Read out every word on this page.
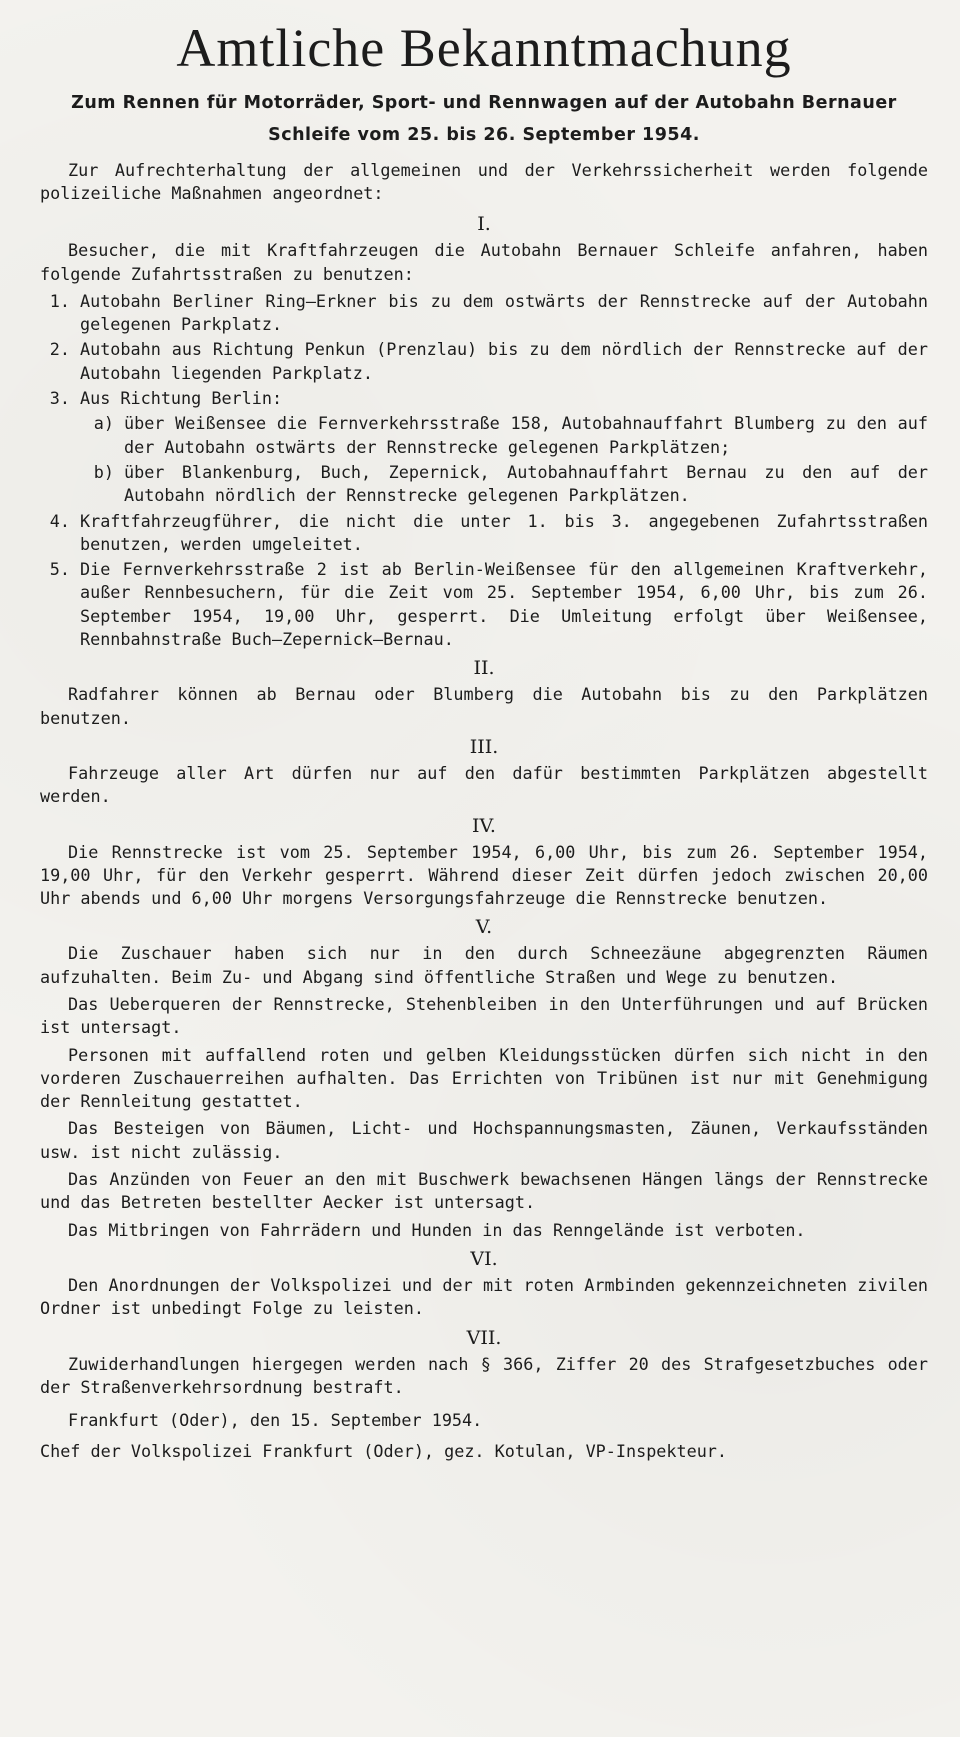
Amtliche Bekanntmachung
Zum Rennen für Motorräder, Sport- und Rennwagen auf der Autobahn Bernauer Schleife vom 25. bis 26. September 1954.

Zur Aufrechterhaltung der allgemeinen und der Verkehrssicherheit werden folgende polizeiliche Maßnahmen angeordnet:

I.

Besucher, die mit Kraftfahrzeugen die Autobahn Bernauer Schleife anfahren, haben folgende Zufahrtsstraßen zu benutzen:

1. Autobahn Berliner Ring—Erkner bis zu dem ostwärts der Rennstrecke auf der Autobahn gelegenen Parkplatz.
2. Autobahn aus Richtung Penkun (Prenzlau) bis zu dem nördlich der Rennstrecke auf der Autobahn liegenden Parkplatz.
3. Aus Richtung Berlin:
a) über Weißensee die Fernverkehrsstraße 158, Autobahnauffahrt Blumberg zu den auf der Autobahn ostwärts der Rennstrecke gelegenen Parkplätzen;
b) über Blankenburg, Buch, Zepernick, Autobahnauffahrt Bernau zu den auf der Autobahn nördlich der Rennstrecke gelegenen Parkplätzen.
4. Kraftfahrzeugführer, die nicht die unter 1. bis 3. angegebenen Zufahrtsstraßen benutzen, werden umgeleitet.
5. Die Fernverkehrsstraße 2 ist ab Berlin-Weißensee für den allgemeinen Kraftverkehr, außer Rennbesuchern, für die Zeit vom 25. September 1954, 6,00 Uhr, bis zum 26. September 1954, 19,00 Uhr, gesperrt. Die Umleitung erfolgt über Weißensee, Rennbahnstraße Buch—Zepernick—Bernau.
II.

Radfahrer können ab Bernau oder Blumberg die Autobahn bis zu den Parkplätzen benutzen.

III.

Fahrzeuge aller Art dürfen nur auf den dafür bestimmten Parkplätzen abgestellt werden.

IV.

Die Rennstrecke ist vom 25. September 1954, 6,00 Uhr, bis zum 26. September 1954, 19,00 Uhr, für den Verkehr gesperrt. Während dieser Zeit dürfen jedoch zwischen 20,00 Uhr abends und 6,00 Uhr morgens Versorgungsfahrzeuge die Rennstrecke benutzen.

V.

Die Zuschauer haben sich nur in den durch Schneezäune abgegrenzten Räumen aufzuhalten. Beim Zu- und Abgang sind öffentliche Straßen und Wege zu benutzen.

Das Ueberqueren der Rennstrecke, Stehenbleiben in den Unterführungen und auf Brücken ist untersagt.

Personen mit auffallend roten und gelben Kleidungsstücken dürfen sich nicht in den vorderen Zuschauerreihen aufhalten. Das Errichten von Tribünen ist nur mit Genehmigung der Rennleitung gestattet.

Das Besteigen von Bäumen, Licht- und Hochspannungsmasten, Zäunen, Verkaufsständen usw. ist nicht zulässig.

Das Anzünden von Feuer an den mit Buschwerk bewachsenen Hängen längs der Rennstrecke und das Betreten bestellter Aecker ist untersagt.

Das Mitbringen von Fahrrädern und Hunden in das Renngelände ist verboten.

VI.

Den Anordnungen der Volkspolizei und der mit roten Armbinden gekennzeichneten zivilen Ordner ist unbedingt Folge zu leisten.

VII.

Zuwiderhandlungen hiergegen werden nach § 366, Ziffer 20 des Strafgesetzbuches oder der Straßenverkehrsordnung bestraft.

Frankfurt (Oder), den 15. September 1954.

Chef der Volkspolizei Frankfurt (Oder), gez. Kotulan, VP-Inspekteur.
